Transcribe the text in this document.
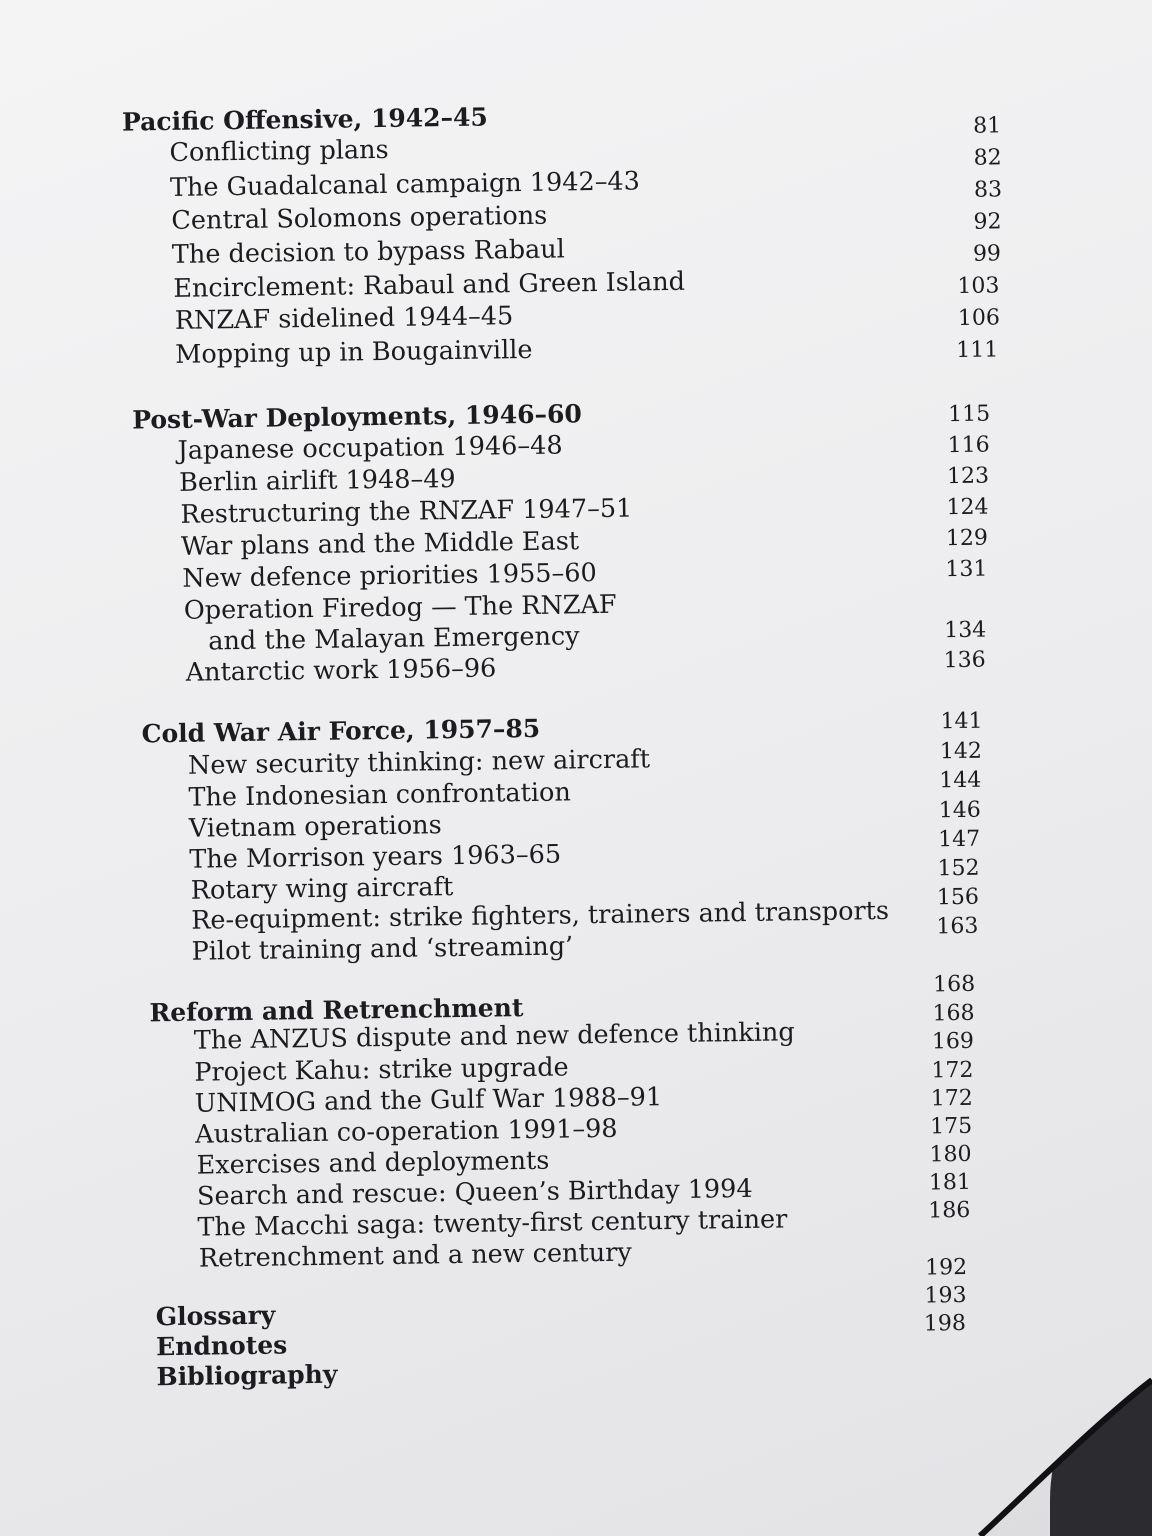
Pacific Offensive, 1942–45
Conflicting plans
The Guadalcanal campaign 1942–43
Central Solomons operations
The decision to bypass Rabaul
Encirclement: Rabaul and Green Island
RNZAF sidelined 1944–45
Mopping up in Bougainville
81
82
83
92
99
103
106
111
Post-War Deployments, 1946–60
Japanese occupation 1946–48
Berlin airlift 1948–49
Restructuring the RNZAF 1947–51
War plans and the Middle East
New defence priorities 1955–60
Operation Firedog — The RNZAF
and the Malayan Emergency
Antarctic work 1956–96
115
116
123
124
129
131
134
136
Cold War Air Force, 1957–85
New security thinking: new aircraft
The Indonesian confrontation
Vietnam operations
The Morrison years 1963–65
Rotary wing aircraft
Re-equipment: strike fighters, trainers and transports
Pilot training and ‘streaming’
141
142
144
146
147
152
156
163
Reform and Retrenchment
The ANZUS dispute and new defence thinking
Project Kahu: strike upgrade
UNIMOG and the Gulf War 1988–91
Australian co-operation 1991–98
Exercises and deployments
Search and rescue: Queen’s Birthday 1994
The Macchi saga: twenty-first century trainer
Retrenchment and a new century
168
168
169
172
172
175
180
181
186
Glossary
Endnotes
Bibliography
192
193
198
